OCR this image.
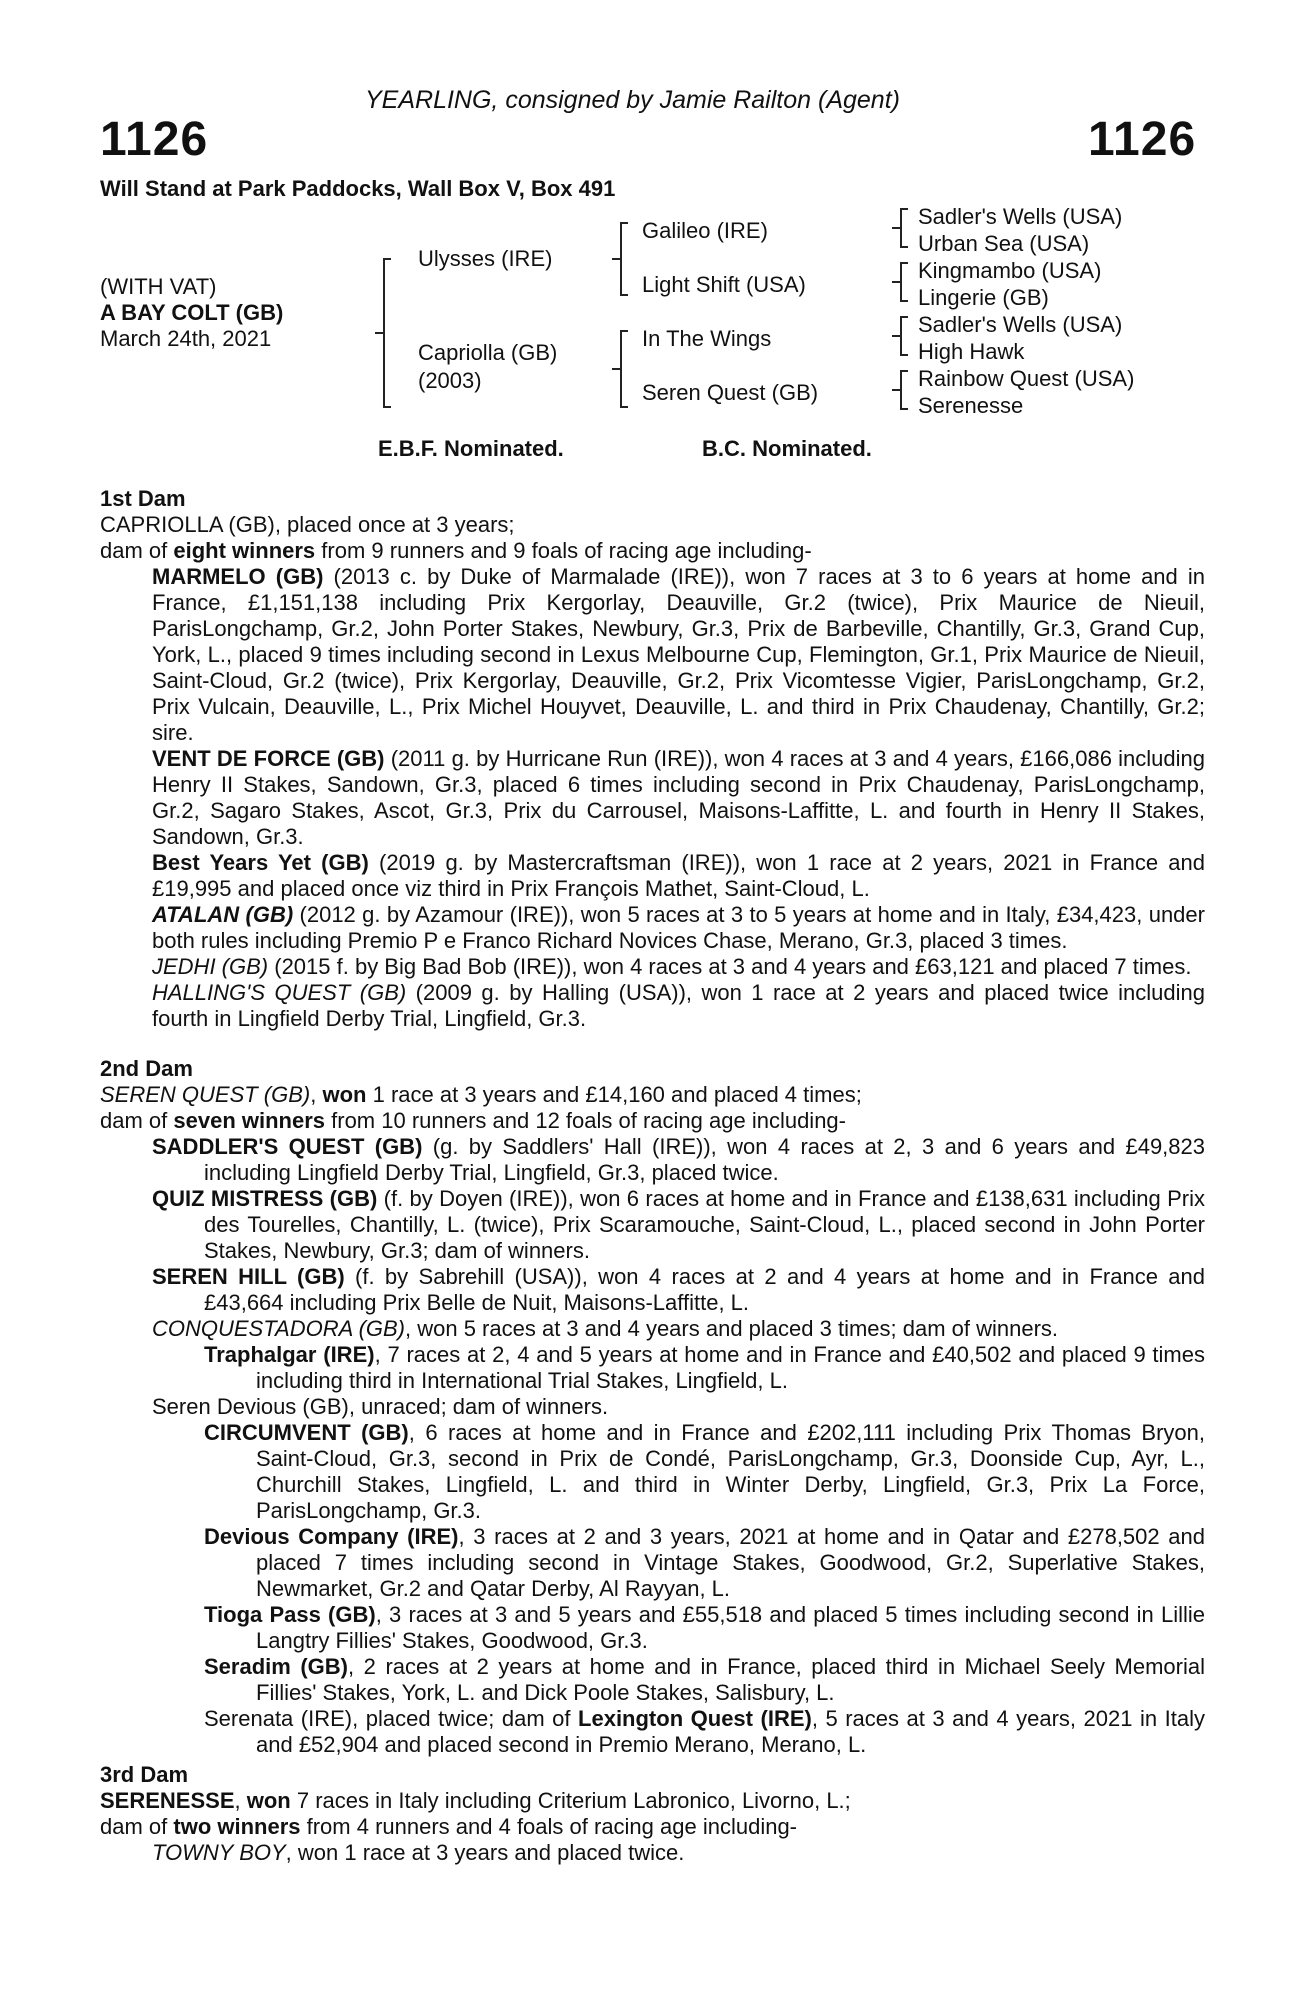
YEARLING, consigned by Jamie Railton (Agent)
1126	1126
Will Stand at Park Paddocks, Wall Box V, Box 491
(WITH VAT)
A BAY COLT (GB)
March 24th, 2021
Ulysses (IRE)
Capriolla (GB)
(2003)
Galileo (IRE)
Light Shift (USA)
In The Wings
Seren Quest (GB)
Sadler's Wells (USA)
Urban Sea (USA)
Kingmambo (USA)
Lingerie (GB)
Sadler's Wells (USA)
High Hawk
Rainbow Quest (USA)
Serenesse
E.B.F. Nominated.	B.C. Nominated.

1st Dam

CAPRIOLLA (GB), placed once at 3 years;

dam of eight winners from 9 runners and 9 foals of racing age including-

MARMELO (GB) (2013 c. by Duke of Marmalade (IRE)), won 7 races at 3 to 6 years at home and in France, £1,151,138 including Prix Kergorlay, Deauville, Gr.2 (twice), Prix Maurice de Nieuil, ParisLongchamp, Gr.2, John Porter Stakes, Newbury, Gr.3, Prix de Barbeville, Chantilly, Gr.3, Grand Cup, York, L., placed 9 times including second in Lexus Melbourne Cup, Flemington, Gr.1, Prix Maurice de Nieuil, Saint-Cloud, Gr.2 (twice), Prix Kergorlay, Deauville, Gr.2, Prix Vicomtesse Vigier, ParisLongchamp, Gr.2, Prix Vulcain, Deauville, L., Prix Michel Houyvet, Deauville, L. and third in Prix Chaudenay, Chantilly, Gr.2; sire.

VENT DE FORCE (GB) (2011 g. by Hurricane Run (IRE)), won 4 races at 3 and 4 years, £166,086 including Henry II Stakes, Sandown, Gr.3, placed 6 times including second in Prix Chaudenay, ParisLongchamp, Gr.2, Sagaro Stakes, Ascot, Gr.3, Prix du Carrousel, Maisons-Laffitte, L. and fourth in Henry II Stakes, Sandown, Gr.3.

Best Years Yet (GB) (2019 g. by Mastercraftsman (IRE)), won 1 race at 2 years, 2021 in France and £19,995 and placed once viz third in Prix François Mathet, Saint-Cloud, L.

ATALAN (GB) (2012 g. by Azamour (IRE)), won 5 races at 3 to 5 years at home and in Italy, £34,423, under both rules including Premio P e Franco Richard Novices Chase, Merano, Gr.3, placed 3 times.

JEDHI (GB) (2015 f. by Big Bad Bob (IRE)), won 4 races at 3 and 4 years and £63,121 and placed 7 times.

HALLING'S QUEST (GB) (2009 g. by Halling (USA)), won 1 race at 2 years and placed twice including fourth in Lingfield Derby Trial, Lingfield, Gr.3.

2nd Dam

SEREN QUEST (GB), won 1 race at 3 years and £14,160 and placed 4 times;

dam of seven winners from 10 runners and 12 foals of racing age including-

SADDLER'S QUEST (GB) (g. by Saddlers' Hall (IRE)), won 4 races at 2, 3 and 6 years and £49,823 including Lingfield Derby Trial, Lingfield, Gr.3, placed twice.

QUIZ MISTRESS (GB) (f. by Doyen (IRE)), won 6 races at home and in France and £138,631 including Prix des Tourelles, Chantilly, L. (twice), Prix Scaramouche, Saint-Cloud, L., placed second in John Porter Stakes, Newbury, Gr.3; dam of winners.

SEREN HILL (GB) (f. by Sabrehill (USA)), won 4 races at 2 and 4 years at home and in France and £43,664 including Prix Belle de Nuit, Maisons-Laffitte, L.

CONQUESTADORA (GB), won 5 races at 3 and 4 years and placed 3 times; dam of winners.

Traphalgar (IRE), 7 races at 2, 4 and 5 years at home and in France and £40,502 and placed 9 times including third in International Trial Stakes, Lingfield, L.

Seren Devious (GB), unraced; dam of winners.

CIRCUMVENT (GB), 6 races at home and in France and £202,111 including Prix Thomas Bryon, Saint-Cloud, Gr.3, second in Prix de Condé, ParisLongchamp, Gr.3, Doonside Cup, Ayr, L., Churchill Stakes, Lingfield, L. and third in Winter Derby, Lingfield, Gr.3, Prix La Force, ParisLongchamp, Gr.3.

Devious Company (IRE), 3 races at 2 and 3 years, 2021 at home and in Qatar and £278,502 and placed 7 times including second in Vintage Stakes, Goodwood, Gr.2, Superlative Stakes, Newmarket, Gr.2 and Qatar Derby, Al Rayyan, L.

Tioga Pass (GB), 3 races at 3 and 5 years and £55,518 and placed 5 times including second in Lillie Langtry Fillies' Stakes, Goodwood, Gr.3.

Seradim (GB), 2 races at 2 years at home and in France, placed third in Michael Seely Memorial Fillies' Stakes, York, L. and Dick Poole Stakes, Salisbury, L.

Serenata (IRE), placed twice; dam of Lexington Quest (IRE), 5 races at 3 and 4 years, 2021 in Italy and £52,904 and placed second in Premio Merano, Merano, L.

3rd Dam

SERENESSE, won 7 races in Italy including Criterium Labronico, Livorno, L.;

dam of two winners from 4 runners and 4 foals of racing age including-

TOWNY BOY, won 1 race at 3 years and placed twice.
